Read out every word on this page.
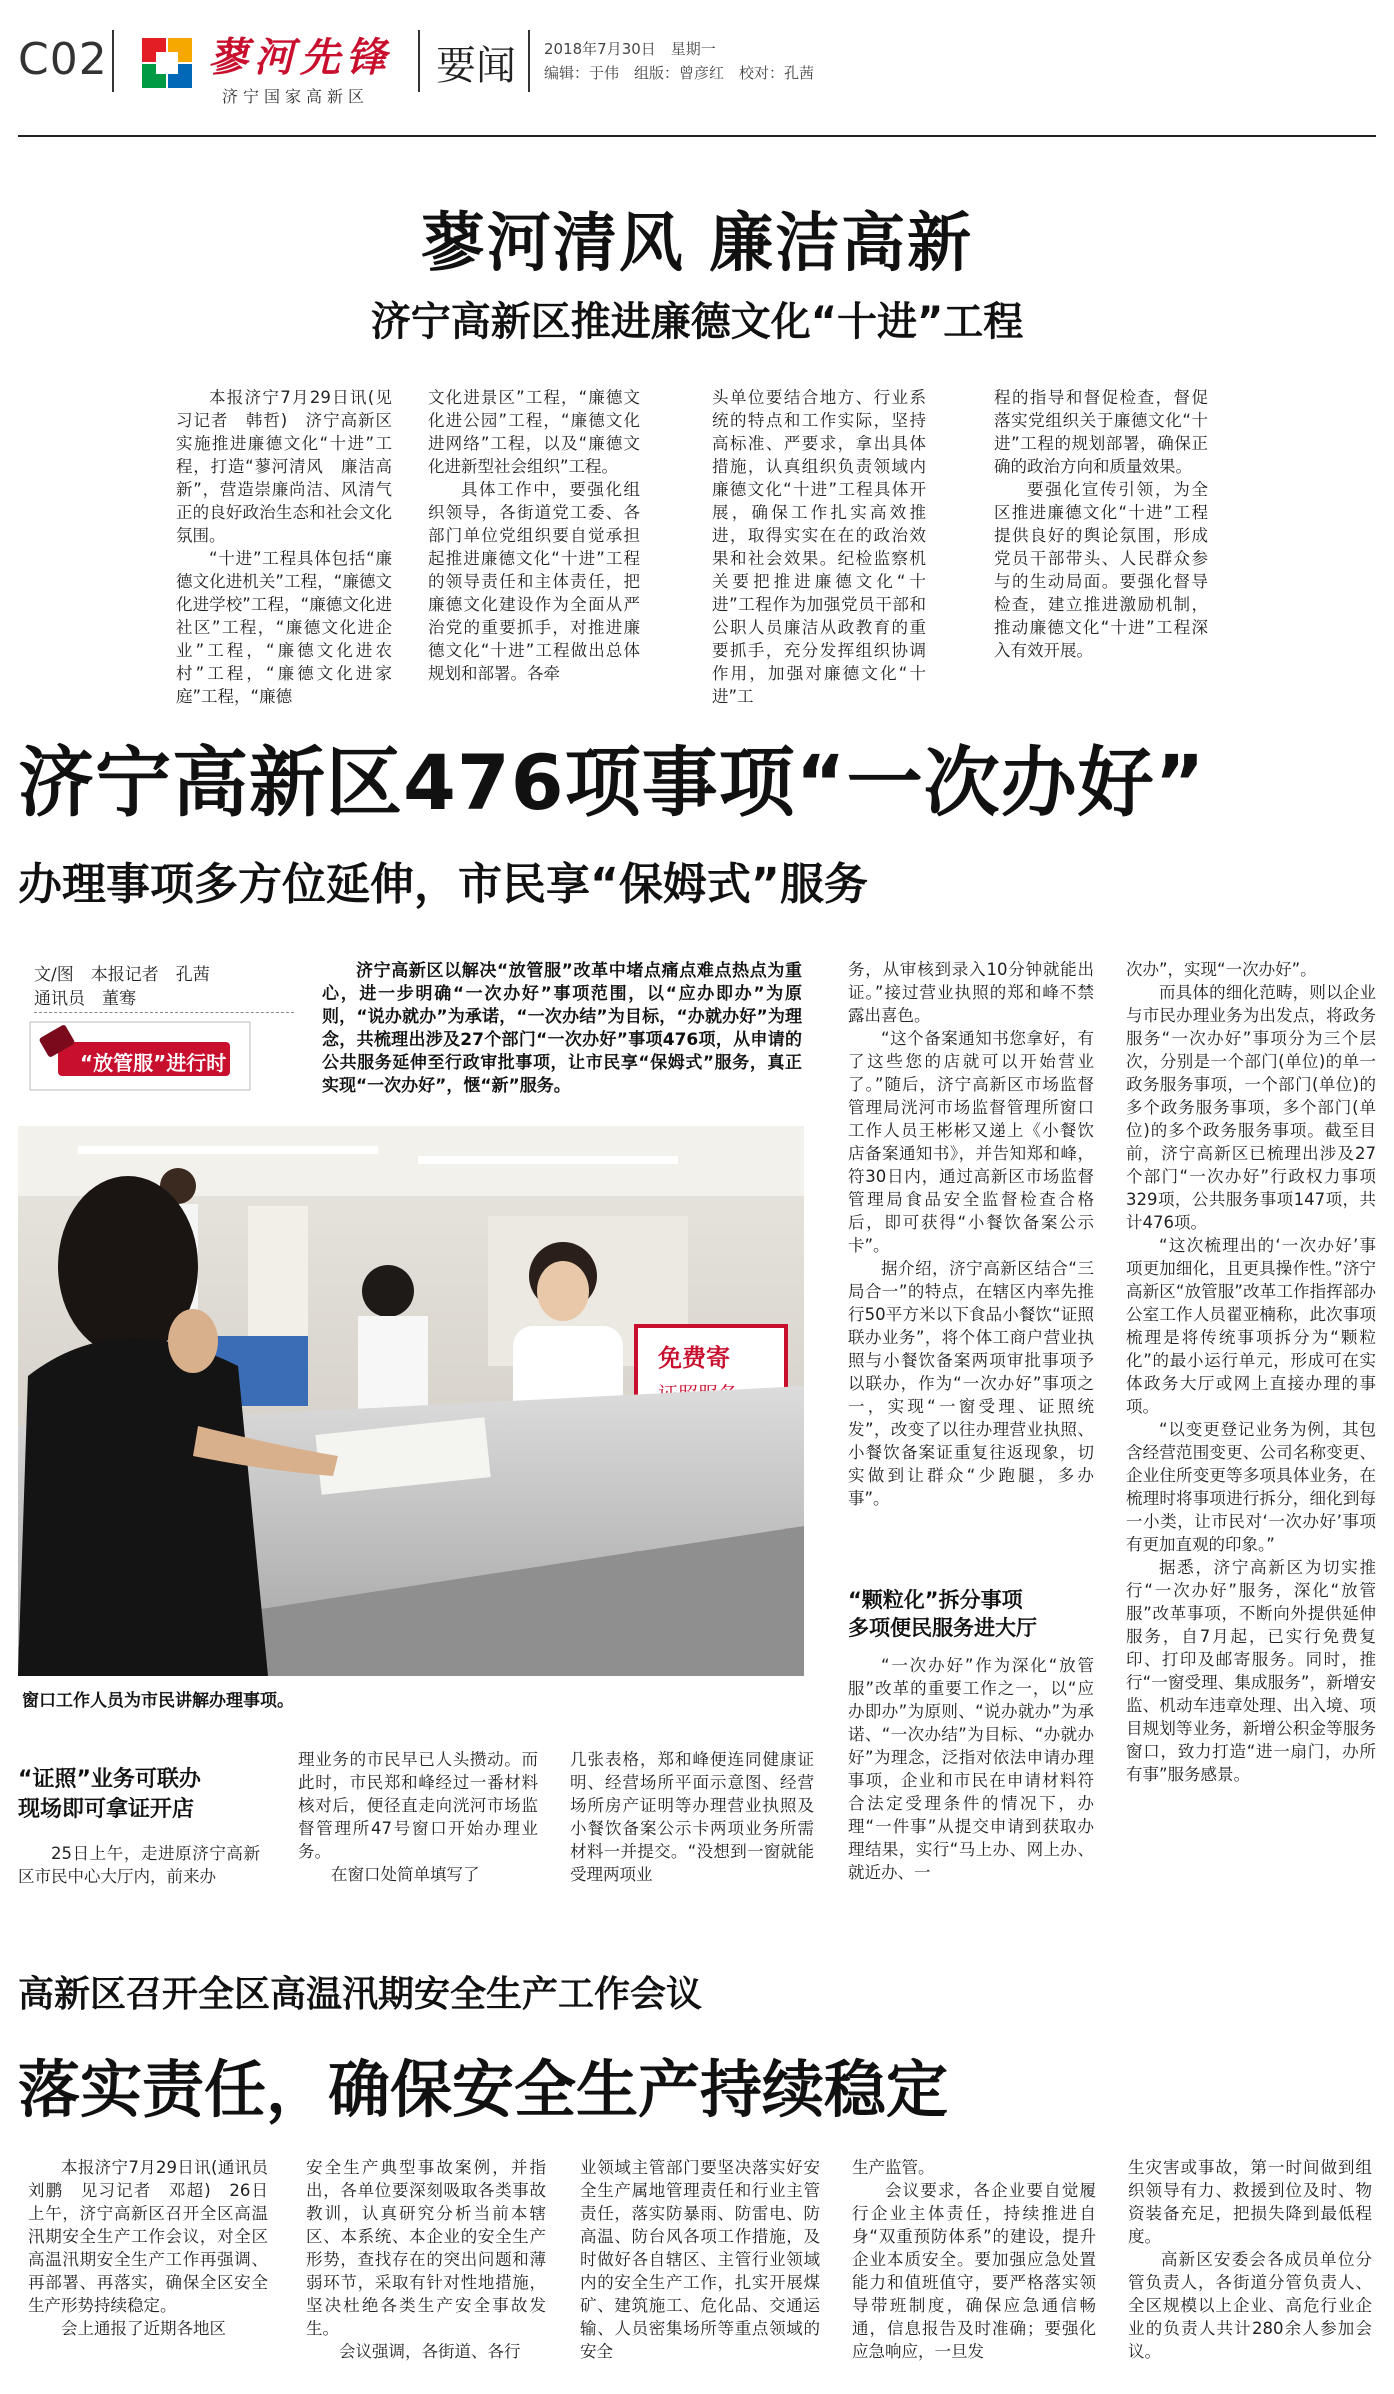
C02	蓼河先锋
济宁国家高新区
要闻 2018年7月30日　星期一
编辑：于伟　组版：曾彦红　校对：孔茜
蓼河清风 廉洁高新
济宁高新区推进廉德文化“十进”工程

本报济宁7月29日讯(见习记者　韩哲)　济宁高新区实施推进廉德文化“十进”工程，打造“蓼河清风　廉洁高新”，营造崇廉尚洁、风清气正的良好政治生态和社会文化氛围。

“十进”工程具体包括“廉德文化进机关”工程，“廉德文化进学校”工程，“廉德文化进社区”工程，“廉德文化进企业”工程，“廉德文化进农村”工程，“廉德文化进家庭”工程，“廉德

文化进景区”工程，“廉德文化进公园”工程，“廉德文化进网络”工程，以及“廉德文化进新型社会组织”工程。

具体工作中，要强化组织领导，各街道党工委、各部门单位党组织要自觉承担起推进廉德文化“十进”工程的领导责任和主体责任，把廉德文化建设作为全面从严治党的重要抓手，对推进廉德文化“十进”工程做出总体规划和部署。各牵

头单位要结合地方、行业系统的特点和工作实际，坚持高标准、严要求，拿出具体措施，认真组织负责领域内廉德文化“十进”工程具体开展，确保工作扎实高效推进，取得实实在在的政治效果和社会效果。纪检监察机关要把推进廉德文化“十进”工程作为加强党员干部和公职人员廉洁从政教育的重要抓手，充分发挥组织协调作用，加强对廉德文化“十进”工

程的指导和督促检查，督促落实党组织关于廉德文化“十进”工程的规划部署，确保正确的政治方向和质量效果。

要强化宣传引领，为全区推进廉德文化“十进”工程提供良好的舆论氛围，形成党员干部带头、人民群众参与的生动局面。要强化督导检查，建立推进激励机制，推动廉德文化“十进”工程深入有效开展。

济宁高新区476项事项“一次办好”
办理事项多方位延伸，市民享“保姆式”服务
文/图　本报记者　孔茜
通讯员　董骞
“放管服”进行时

济宁高新区以解决“放管服”改革中堵点痛点难点热点为重心，进一步明确“一次办好”事项范围，以“应办即办”为原则，“说办就办”为承诺，“一次办结”为目标，“办就办好”为理念，共梳理出涉及27个部门“一次办好”事项476项，从申请的公共服务延伸至行政审批事项，让市民享“保姆式”服务，真正实现“一次办好”，惬“新”服务。

免费寄
窗口工作人员为市民讲解办理事项。
“证照”业务可联办
现场即可拿证开店

25日上午，走进原济宁高新区市民中心大厅内，前来办

理业务的市民早已人头攒动。而此时，市民郑和峰经过一番材料核对后，便径直走向洸河市场监督管理所47号窗口开始办理业务。

在窗口处简单填写了

几张表格，郑和峰便连同健康证明、经营场所平面示意图、经营场所房产证明等办理营业执照及小餐饮备案公示卡两项业务所需材料一并提交。“没想到一窗就能受理两项业

务，从审核到录入10分钟就能出证。”接过营业执照的郑和峰不禁露出喜色。

“这个备案通知书您拿好，有了这些您的店就可以开始营业了。”随后，济宁高新区市场监督管理局洸河市场监督管理所窗口工作人员王彬彬又递上《小餐饮店备案通知书》，并告知郑和峰，符30日内，通过高新区市场监督管理局食品安全监督检查合格后，即可获得“小餐饮备案公示卡”。

据介绍，济宁高新区结合“三局合一”的特点，在辖区内率先推行50平方米以下食品小餐饮“证照联办业务”，将个体工商户营业执照与小餐饮备案两项审批事项予以联办，作为“一次办好”事项之一，实现“一窗受理、证照统发”，改变了以往办理营业执照、小餐饮备案证重复往返现象，切实做到让群众“少跑腿，多办事”。

“颗粒化”拆分事项
多项便民服务进大厅

“一次办好”作为深化“放管服”改革的重要工作之一，以“应办即办”为原则、“说办就办”为承诺、“一次办结”为目标、“办就办好”为理念，泛指对依法申请办理事项，企业和市民在申请材料符合法定受理条件的情况下，办理“一件事”从提交申请到获取办理结果，实行“马上办、网上办、就近办、一

次办”，实现“一次办好”。

而具体的细化范畴，则以企业与市民办理业务为出发点，将政务服务“一次办好”事项分为三个层次，分别是一个部门(单位)的单一政务服务事项，一个部门(单位)的多个政务服务事项，多个部门(单位)的多个政务服务事项。截至目前，济宁高新区已梳理出涉及27个部门“一次办好”行政权力事项329项，公共服务事项147项，共计476项。

“这次梳理出的‘一次办好’事项更加细化，且更具操作性。”济宁高新区“放管服”改革工作指挥部办公室工作人员翟亚楠称，此次事项梳理是将传统事项拆分为“颗粒化”的最小运行单元，形成可在实体政务大厅或网上直接办理的事项。

“以变更登记业务为例，其包含经营范围变更、公司名称变更、企业住所变更等多项具体业务，在梳理时将事项进行拆分，细化到每一小类，让市民对‘一次办好’事项有更加直观的印象。”

据悉，济宁高新区为切实推行“一次办好”服务，深化“放管服”改革事项，不断向外提供延伸服务，自7月起，已实行免费复印、打印及邮寄服务。同时，推行“一窗受理、集成服务”，新增安监、机动车违章处理、出入境、项目规划等业务，新增公积金等服务窗口，致力打造“进一扇门，办所有事”服务感景。

高新区召开全区高温汛期安全生产工作会议
落实责任，确保安全生产持续稳定

本报济宁7月29日讯(通讯员　刘鹏　见习记者　邓超)　26日上午，济宁高新区召开全区高温汛期安全生产工作会议，对全区高温汛期安全生产工作再强调、再部署、再落实，确保全区安全生产形势持续稳定。

会上通报了近期各地区

安全生产典型事故案例，并指出，各单位要深刻吸取各类事故教训，认真研究分析当前本辖区、本系统、本企业的安全生产形势，查找存在的突出问题和薄弱环节，采取有针对性地措施，坚决杜绝各类生产安全事故发生。

会议强调，各街道、各行

业领域主管部门要坚决落实好安全生产属地管理责任和行业主管责任，落实防暴雨、防雷电、防高温、防台风各项工作措施，及时做好各自辖区、主管行业领域内的安全生产工作，扎实开展煤矿、建筑施工、危化品、交通运输、人员密集场所等重点领域的安全

生产监管。

会议要求，各企业要自觉履行企业主体责任，持续推进自身“双重预防体系”的建设，提升企业本质安全。要加强应急处置能力和值班值守，要严格落实领导带班制度，确保应急通信畅通，信息报告及时准确；要强化应急响应，一旦发

生灾害或事故，第一时间做到组织领导有力、救援到位及时、物资装备充足，把损失降到最低程度。

高新区安委会各成员单位分管负责人，各街道分管负责人、全区规模以上企业、高危行业企业的负责人共计280余人参加会议。
